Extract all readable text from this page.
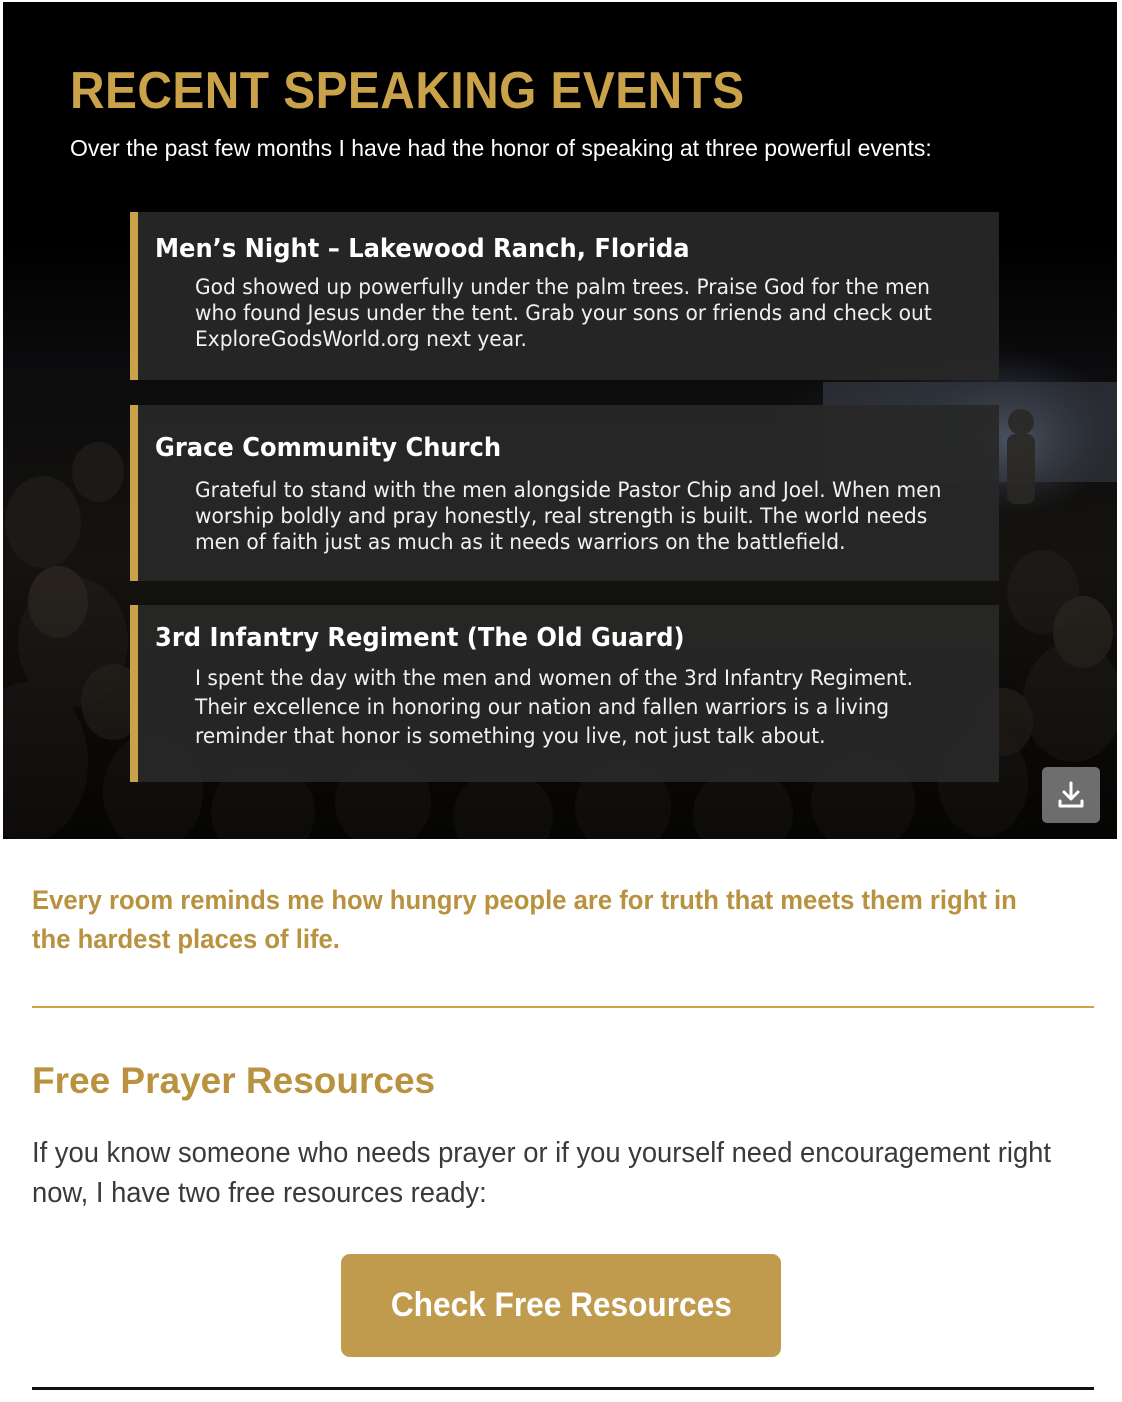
RECENT SPEAKING EVENTS

Over the past few months I have had the honor of speaking at three powerful events:

Men’s Night – Lakewood Ranch, Florida

God showed up powerfully under the palm trees. Praise God for the men who found Jesus under the tent. Grab your sons or friends and check out ExploreGodsWorld.org next year.

Grace Community Church

Grateful to stand with the men alongside Pastor Chip and Joel. When men worship boldly and pray honestly, real strength is built. The world needs men of faith just as much as it needs warriors on the battlefield.

3rd Infantry Regiment (The Old Guard)

I spent the day with the men and women of the 3rd Infantry Regiment. Their excellence in honoring our nation and fallen warriors is a living reminder that honor is something you live, not just talk about.

Every room reminds me how hungry people are for truth that meets them right in the hardest places of life.

Free Prayer Resources

If you know someone who needs prayer or if you yourself need encouragement right now, I have two free resources ready:

Check Free Resources
